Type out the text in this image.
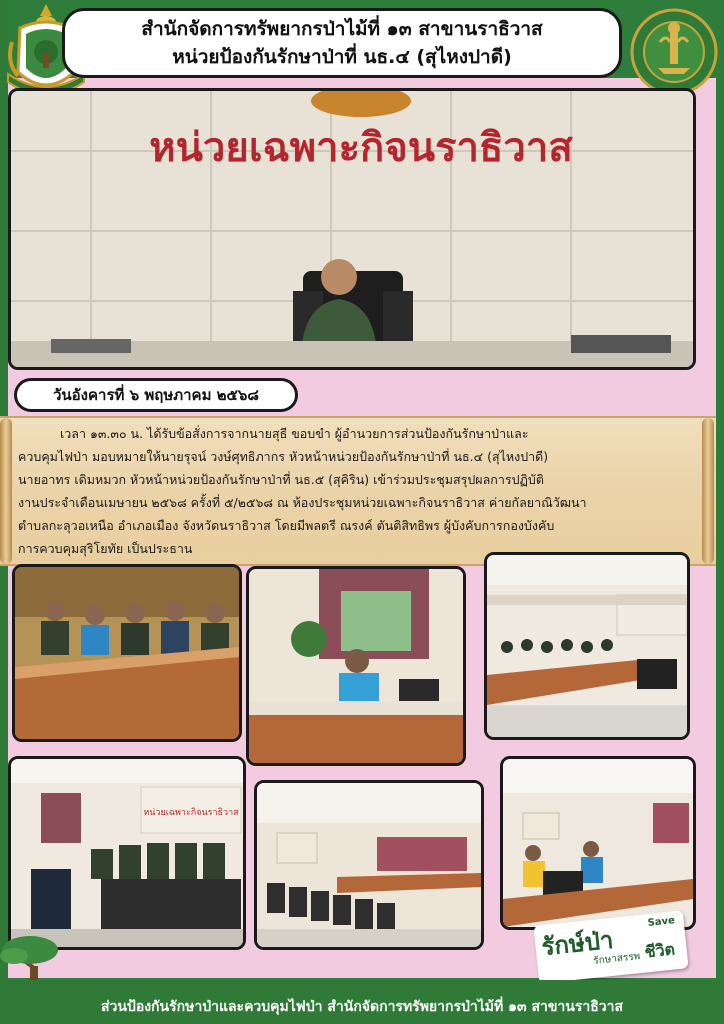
สำนักจัดการทรัพยากรป่าไม้ที่ ๑๓ สาขานราธิวาส
หน่วยป้องกันรักษาป่าที่ นธ.๔ (สุไหงปาดี)
หน่วยเฉพาะกิจนราธิวาส
วันอังคารที่ ๖ พฤษภาคม ๒๕๖๘
เวลา ๑๓.๓๐ น. ได้รับข้อสั่งการจากนายสุธี ขอบขำ ผู้อำนวยการส่วนป้องกันรักษาป่าและ
ควบคุมไฟป่า มอบหมายให้นายรุจน์ วงษ์ศุทธิภากร หัวหน้าหน่วยป้องกันรักษาป่าที่ นธ.๔ (สุไหงปาดี)
นายอาทร เดิมหมวก หัวหน้าหน่วยป้องกันรักษาป่าที่ นธ.๕ (สุคิริน) เข้าร่วมประชุมสรุปผลการปฏิบัติ
งานประจำเดือนเมษายน ๒๕๖๘ ครั้งที่ ๕/๒๕๖๘ ณ ห้องประชุมหน่วยเฉพาะกิจนราธิวาส ค่ายกัลยาณิวัฒนา
ตำบลกะลุวอเหนือ อำเภอเมือง จังหวัดนราธิวาส โดยมีพลตรี ณรงค์ ตันติสิทธิพร ผู้บังคับการกองบังคับ
การควบคุมสุริโยทัย เป็นประธาน
หน่วยเฉพาะกิจนราธิวาส
รักษ์ป่า
Save
รักษาสรรพ ชีวิต
ส่วนป้องกันรักษาป่าและควบคุมไฟป่า สำนักจัดการทรัพยากรป่าไม้ที่ ๑๓ สาขานราธิวาส
